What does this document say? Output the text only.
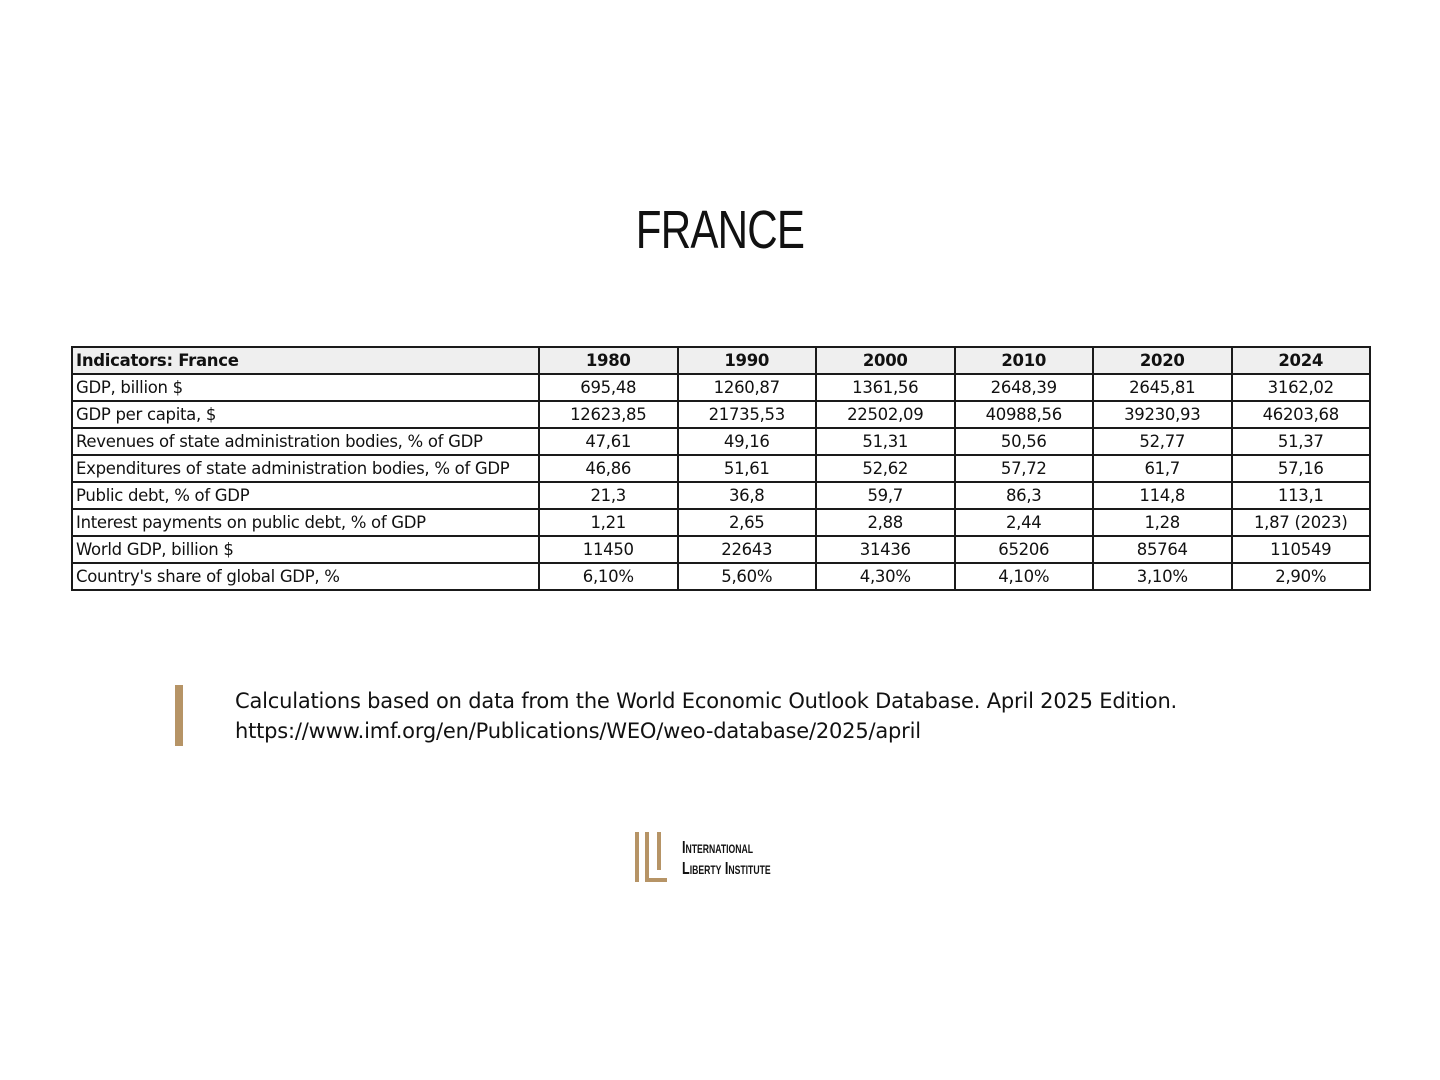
FRANCE
Indicators: France	1980	1990	2000	2010	2020	2024
GDP, billion $	695,48	1260,87	1361,56	2648,39	2645,81	3162,02
GDP per capita, $	12623,85	21735,53	22502,09	40988,56	39230,93	46203,68
Revenues of state administration bodies, % of GDP	47,61	49,16	51,31	50,56	52,77	51,37
Expenditures of state administration bodies, % of GDP	46,86	51,61	52,62	57,72	61,7	57,16
Public debt, % of GDP	21,3	36,8	59,7	86,3	114,8	113,1
Interest payments on public debt, % of GDP	1,21	2,65	2,88	2,44	1,28	1,87 (2023)
World GDP, billion $	11450	22643	31436	65206	85764	110549
Country's share of global GDP, %	6,10%	5,60%	4,30%	4,10%	3,10%	2,90%
Calculations based on data from the World Economic Outlook Database. April 2025 Edition.
https://www.imf.org/en/Publications/WEO/weo-database/2025/april
International
Liberty Institute
